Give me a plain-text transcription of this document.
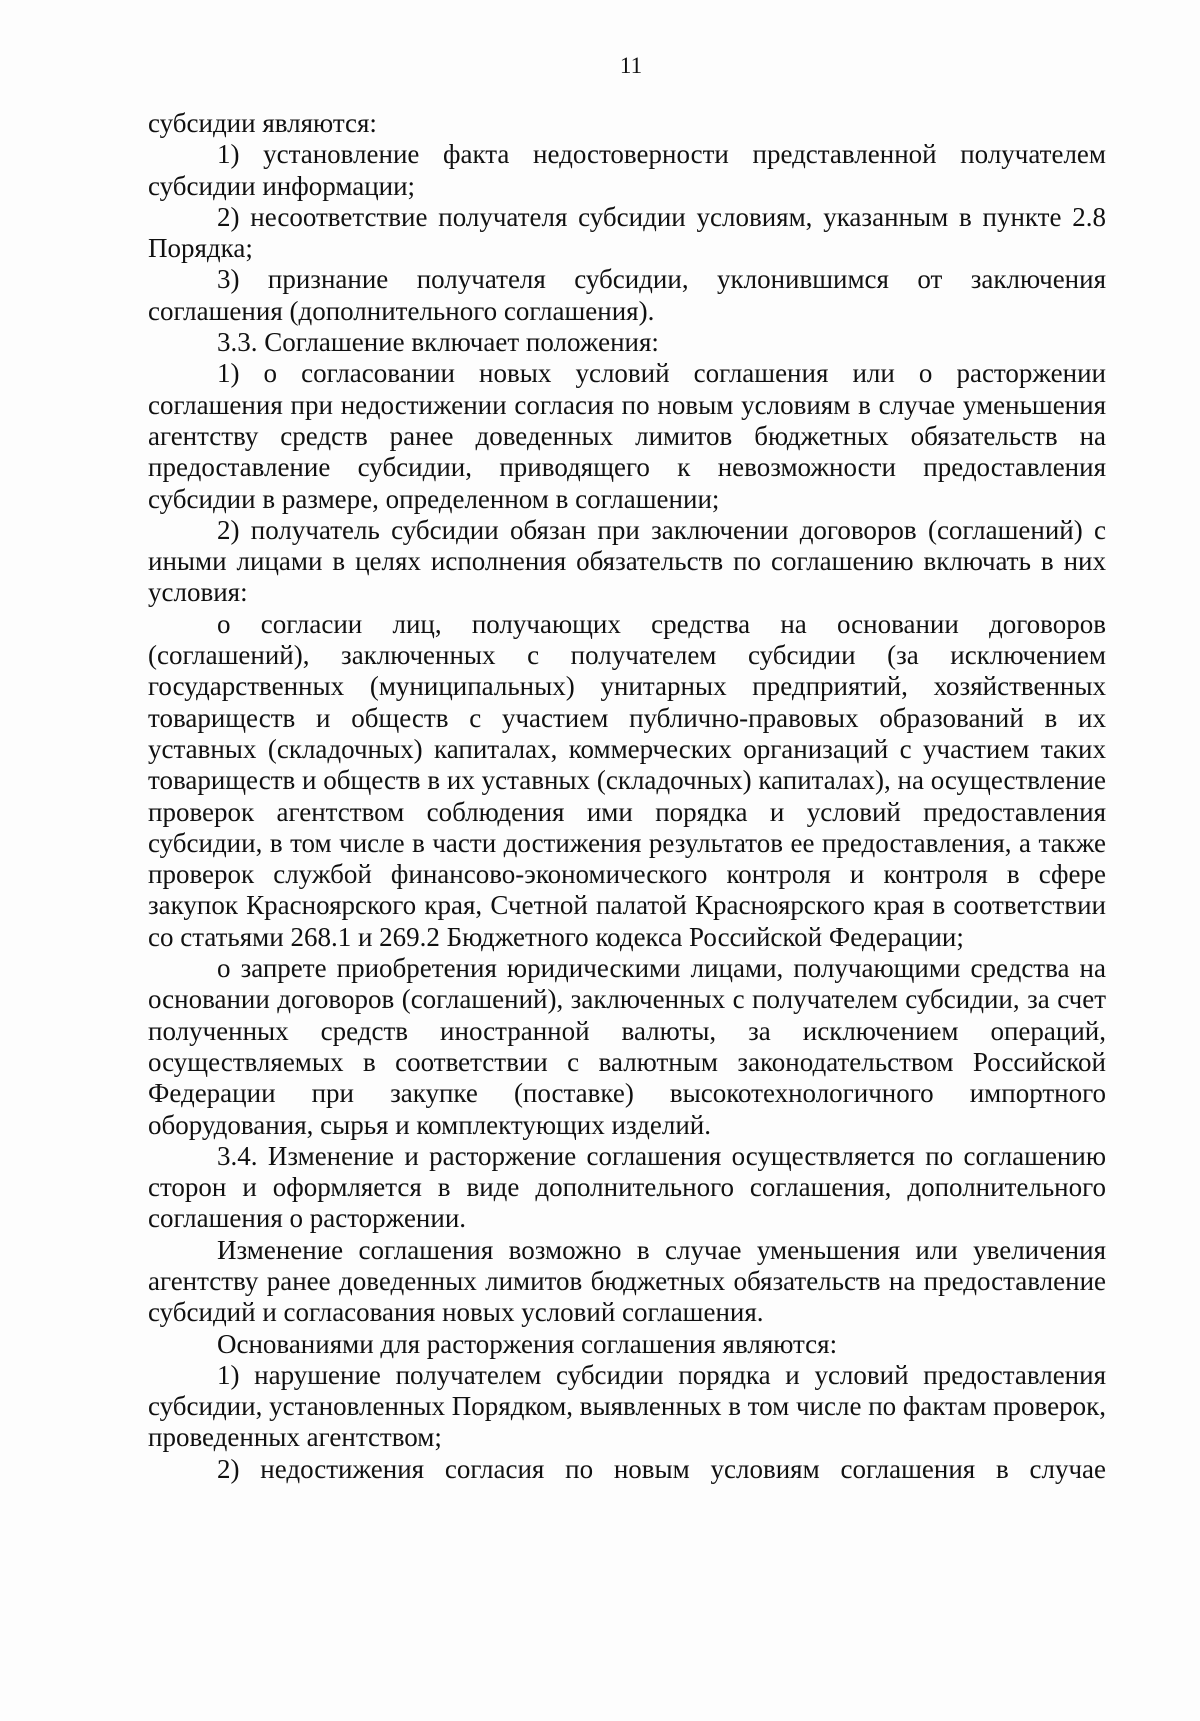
11

субсидии являются:

1) установление факта недостоверности представленной получателем субсидии информации;

2) несоответствие получателя субсидии условиям, указанным в пункте 2.8 Порядка;

3) признание получателя субсидии, уклонившимся от заключения соглашения (дополнительного соглашения).

3.3. Соглашение включает положения:

1) о согласовании новых условий соглашения или о расторжении соглашения при недостижении согласия по новым условиям в случае уменьшения агентству средств ранее доведенных лимитов бюджетных обязательств на предоставление субсидии, приводящего к невозможности предоставления субсидии в размере, определенном в соглашении;

2) получатель субсидии обязан при заключении договоров (соглашений) с иными лицами в целях исполнения обязательств по соглашению включать в них условия:

о согласии лиц, получающих средства на основании договоров (соглашений), заключенных с получателем субсидии (за исключением государственных (муниципальных) унитарных предприятий, хозяйственных товариществ и обществ с участием публично-правовых образований в их уставных (складочных) капиталах, коммерческих организаций с участием таких товариществ и обществ в их уставных (складочных) капиталах), на осуществление проверок агентством соблюдения ими порядка и условий предоставления субсидии, в том числе в части достижения результатов ее предоставления, а также проверок службой финансово-экономического контроля и контроля в сфере закупок Красноярского края, Счетной палатой Красноярского края в соответствии со статьями 268.1 и 269.2 Бюджетного кодекса Российской Федерации;

о запрете приобретения юридическими лицами, получающими средства на основании договоров (соглашений), заключенных с получателем субсидии, за счет полученных средств иностранной валюты, за исключением операций, осуществляемых в соответствии с валютным законодательством Российской Федерации при закупке (поставке) высокотехнологичного импортного оборудования, сырья и комплектующих изделий.

3.4. Изменение и расторжение соглашения осуществляется по соглашению сторон и оформляется в виде дополнительного соглашения, дополнительного соглашения о расторжении.

Изменение соглашения возможно в случае уменьшения или увеличения агентству ранее доведенных лимитов бюджетных обязательств на предоставление субсидий и согласования новых условий соглашения.

Основаниями для расторжения соглашения являются:

1) нарушение получателем субсидии порядка и условий предоставления субсидии, установленных Порядком, выявленных в том числе по фактам проверок, проведенных агентством;

2) недостижения согласия по новым условиям соглашения в случае
